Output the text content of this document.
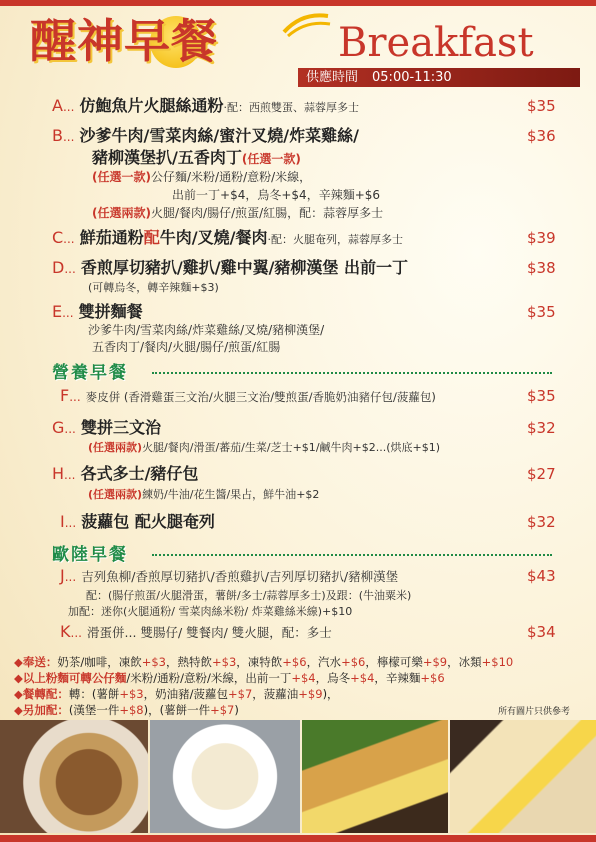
醒神早餐	Breakfast
供應時間 05:00-11:30
A... 仿鮑魚片火腿絲通粉‧配：西煎雙蛋、蒜蓉厚多士	$35
B... 沙爹牛肉/雪菜肉絲/蜜汁叉燒/炸菜雞絲/	$36
豬柳漢堡扒/五香肉丁(任選一款)
(任選一款)公仔麵/米粉/通粉/意粉/米線，
出前一丁+$4，烏冬+$4，辛辣麵+$6
(任選兩款)火腿/餐肉/腸仔/煎蛋/紅腸，配：蒜蓉厚多士
C... 鮮茄通粉配牛肉/叉燒/餐肉‧配：火腿奄列，蒜蓉厚多士	$39
D... 香煎厚切豬扒/雞扒/雞中翼/豬柳漢堡 出前一丁	$38
(可轉烏冬，轉辛辣麵+$3)
E... 雙拼麵餐	$35
沙爹牛肉/雪菜肉絲/炸菜雞絲/叉燒/豬柳漢堡/
五香肉丁/餐肉/火腿/腸仔/煎蛋/紅腸
營養早餐
F... 麥皮併 (香滑雞蛋三文治/火腿三文治/雙煎蛋/香脆奶油豬仔包/菠蘿包)	$35
G... 雙拼三文治	$32
(任選兩款)火腿/餐肉/滑蛋/蕃茄/生菜/芝士+$1/鹹牛肉+$2...(烘底+$1)
H... 各式多士/豬仔包	$27
(任選兩款)練奶/牛油/花生醬/果占，鮮牛油+$2
I... 菠蘿包 配火腿奄列	$32
歐陸早餐
J... 吉列魚柳/香煎厚切豬扒/香煎雞扒/吉列厚切豬扒/豬柳漢堡	$43
配：(腸仔煎蛋/火腿滑蛋，薯餅/多士/蒜蓉厚多士)及跟：(牛油粟米)
加配：迷你(火腿通粉/ 雪菜肉絲米粉/ 炸菜雞絲米線)+$10
K... 滑蛋併... 雙腸仔/ 雙餐肉/ 雙火腿，配：多士	$34
◆奉送：奶茶/咖啡，凍飲+$3，熱特飲+$3，凍特飲+$6，汽水+$6，檸檬可樂+$9，冰類+$10
◆以上粉麵可轉公仔麵/米粉/通粉/意粉/米線，出前一丁+$4，烏冬+$4，辛辣麵+$6
◆餐轉配：轉：(薯餅+$3，奶油豬/菠蘿包+$7，菠蘿油+$9)，
◆另加配：(漢堡一件+$8)，(薯餅一件+$7)	所有圖片只供參考
